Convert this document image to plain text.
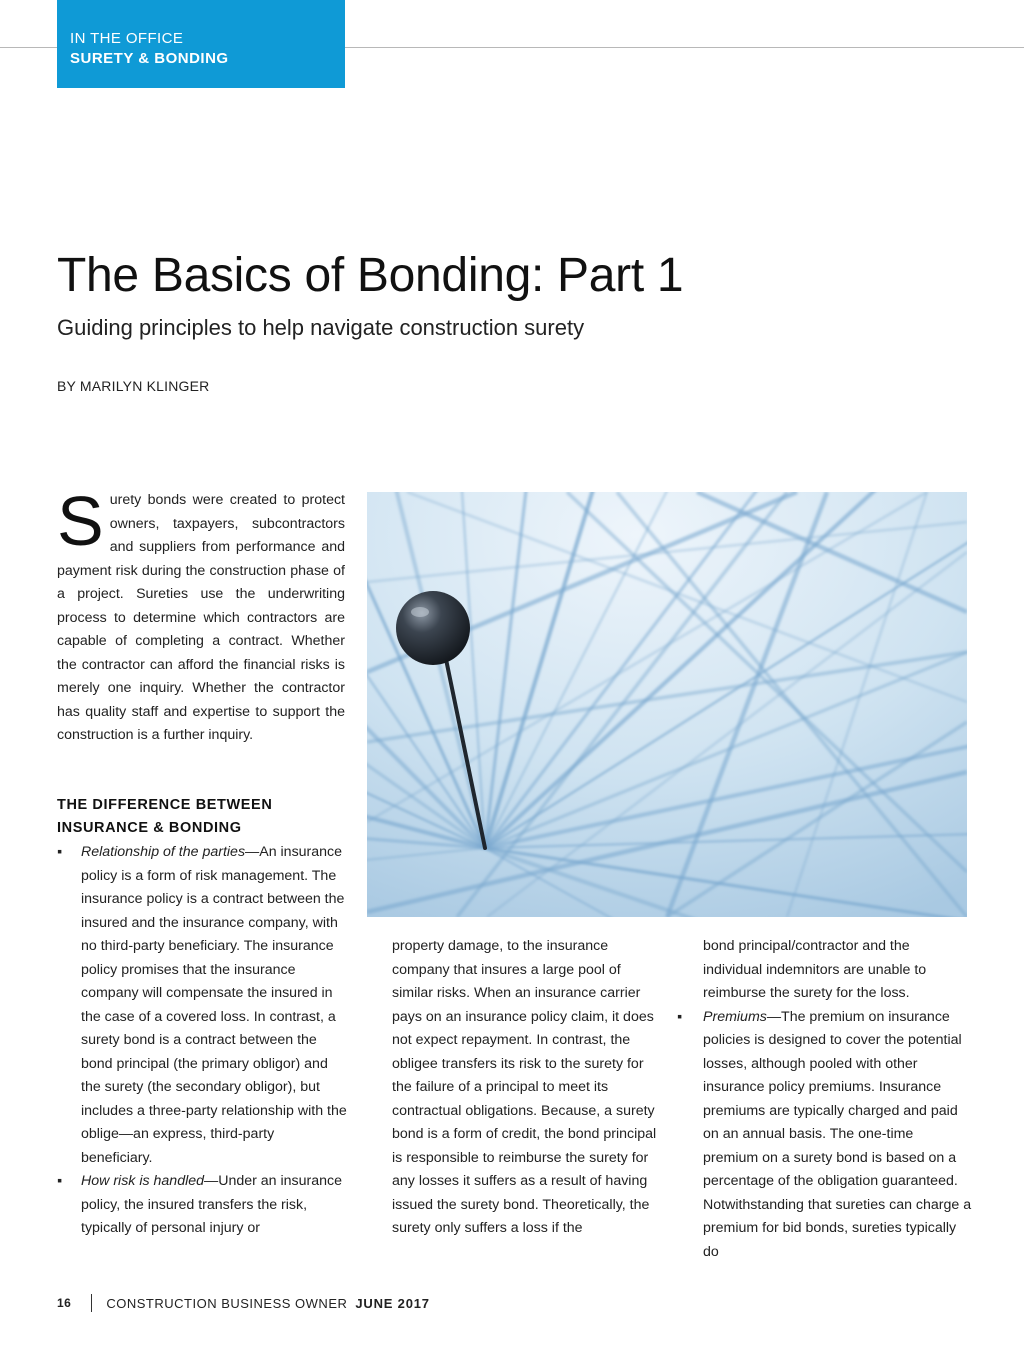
IN THE OFFICE
SURETY & BONDING
The Basics of Bonding: Part 1
Guiding principles to help navigate construction surety
BY MARILYN KLINGER

Surety bonds were created to protect owners, taxpayers, subcontractors and suppliers from performance and payment risk during the construction phase of a project. Sureties use the underwriting process to determine which contractors are capable of completing a contract. Whether the contractor can afford the financial risks is merely one inquiry. Whether the contractor has quality staff and expertise to support the construction is a further inquiry.

THE DIFFERENCE BETWEEN INSURANCE & BONDING
▪ Relationship of the parties—An insurance policy is a form of risk management. The insurance policy is a contract between the insured and the insurance company, with no third-party beneficiary. The insurance policy promises that the insurance company will compensate the insured in the case of a covered loss. In contrast, a surety bond is a contract between the bond principal (the primary obligor) and the surety (the secondary obligor), but includes a three-party relationship with the oblige—an express, third-party beneficiary.
▪ How risk is handled—Under an insurance policy, the insured transfers the risk, typically of personal injury or

property damage, to the insurance company that insures a large pool of similar risks. When an insurance carrier pays on an insurance policy claim, it does not expect repayment. In contrast, the obligee transfers its risk to the surety for the failure of a principal to meet its contractual obligations. Because, a surety bond is a form of credit, the bond principal is responsible to reimburse the surety for any losses it suffers as a result of having issued the surety bond. Theoretically, the surety only suffers a loss if the

bond principal/contractor and the individual indemnitors are unable to reimburse the surety for the loss.

▪ Premiums—The premium on insurance policies is designed to cover the potential losses, although pooled with other insurance policy premiums. Insurance premiums are typically charged and paid on an annual basis. The one-time premium on a surety bond is based on a percentage of the obligation guaranteed. Notwithstanding that sureties can charge a premium for bid bonds, sureties typically do
16	CONSTRUCTION BUSINESS OWNER JUNE 2017
